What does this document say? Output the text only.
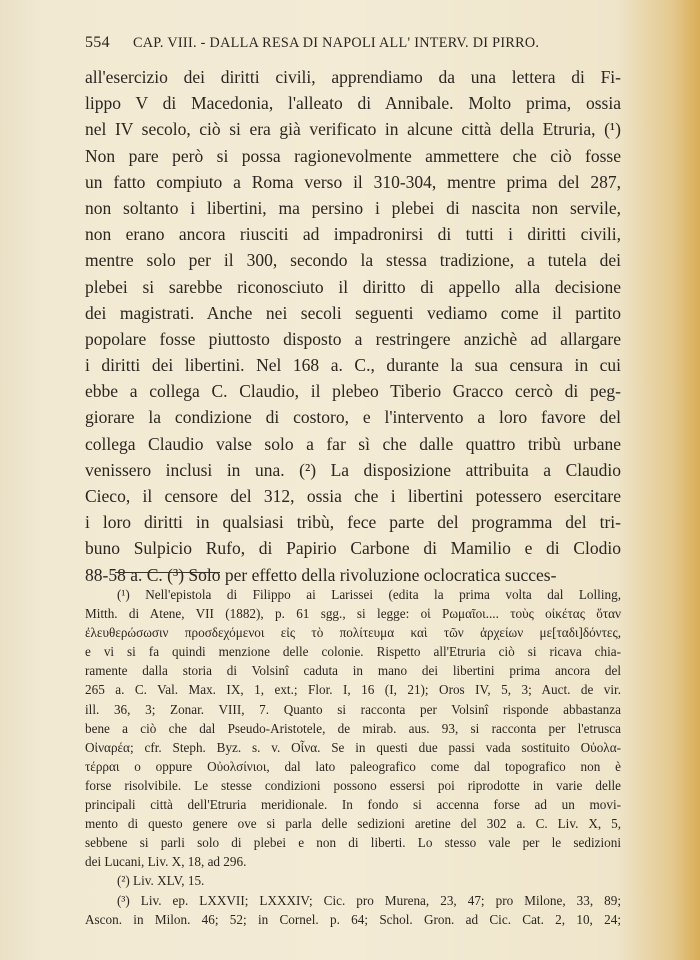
554 CAP. VIII. - DALLA RESA DI NAPOLI ALL' INTERV. DI PIRRO.
all'esercizio dei diritti civili, apprendiamo da una lettera di Fi-
lippo V di Macedonia, l'alleato di Annibale. Molto prima, ossia
nel IV secolo, ciò si era già verificato in alcune città della Etruria, (¹)
Non pare però si possa ragionevolmente ammettere che ciò fosse
un fatto compiuto a Roma verso il 310-304, mentre prima del 287,
non soltanto i libertini, ma persino i plebei di nascita non servile,
non erano ancora riusciti ad impadronirsi di tutti i diritti civili,
mentre solo per il 300, secondo la stessa tradizione, a tutela dei
plebei si sarebbe riconosciuto il diritto di appello alla decisione
dei magistrati. Anche nei secoli seguenti vediamo come il partito
popolare fosse piuttosto disposto a restringere anzichè ad allargare
i diritti dei libertini. Nel 168 a. C., durante la sua censura in cui
ebbe a collega C. Claudio, il plebeo Tiberio Gracco cercò di peg-
giorare la condizione di costoro, e l'intervento a loro favore del
collega Claudio valse solo a far sì che dalle quattro tribù urbane
venissero inclusi in una. (²) La disposizione attribuita a Claudio
Cieco, il censore del 312, ossia che i libertini potessero esercitare
i loro diritti in qualsiasi tribù, fece parte del programma del tri-
buno Sulpicio Rufo, di Papirio Carbone di Mamilio e di Clodio
88-58 a. C. (³) Solo per effetto della rivoluzione oclocratica succes-
(¹) Nell'epistola di Filippo ai Larissei (edita la prima volta dal Lolling,
Mitth. di Atene, VII (1882), p. 61 sgg., si legge: οἱ Ρωμαῖοι.... τοὺς οἰκέτας ὅταν
ἐλευθερώσωσιν προσδεχόμενοι εἰς τὸ πολίτευμα καὶ τῶν ἀρχείων με[ταδι]δόντες,
e vi si fa quindi menzione delle colonie. Rispetto all'Etruria ciò si ricava chia-
ramente dalla storia di Volsinî caduta in mano dei libertini prima ancora del
265 a. C. Val. Max. IX, 1, ext.; Flor. I, 16 (I, 21); Oros IV, 5, 3; Auct. de vir.
ill. 36, 3; Zonar. VIII, 7. Quanto si racconta per Volsinî risponde abbastanza
bene a ciò che dal Pseudo-Aristotele, de mirab. aus. 93, si racconta per l'etrusca
Οἰναρέα; cfr. Steph. Byz. s. v. Οἶνα. Se in questi due passi vada sostituito Οὐολα-
τέρραι o oppure Οὐολσίνιοι, dal lato paleografico come dal topografico non è
forse risolvibile. Le stesse condizioni possono essersi poi riprodotte in varie delle
principali città dell'Etruria meridionale. In fondo si accenna forse ad un movi-
mento di questo genere ove si parla delle sedizioni aretine del 302 a. C. Liv. X, 5,
sebbene si parli solo di plebei e non di liberti. Lo stesso vale per le sedizioni
dei Lucani, Liv. X, 18, ad 296.
(²) Liv. XLV, 15.
(³) Liv. ep. LXXVII; LXXXIV; Cic. pro Murena, 23, 47; pro Milone, 33, 89;
Ascon. in Milon. 46; 52; in Cornel. p. 64; Schol. Gron. ad Cic. Cat. 2, 10, 24;
